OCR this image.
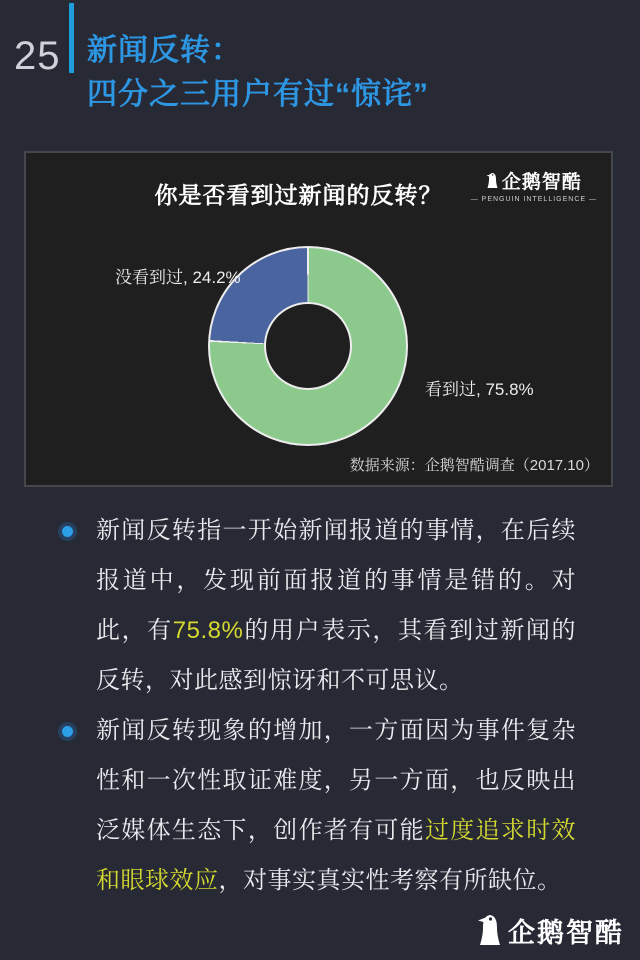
25 新闻反转：
四分之三用户有过“惊诧”
你是否看到过新闻的反转？	企鹅智酷
— PENGUIN INTELLIGENCE —
没看到过, 24.2%
看到过, 75.8%
数据来源：企鹅智酷调查（2017.10）
新闻反转指一开始新闻报道的事情，在后续报道中，发现前面报道的事情是错的。对此，有75.8%的用户表示，其看到过新闻的反转，对此感到惊讶和不可思议。
新闻反转现象的增加，一方面因为事件复杂性和一次性取证难度，另一方面，也反映出泛媒体生态下，创作者有可能过度追求时效和眼球效应，对事实真实性考察有所缺位。
企鹅智酷
